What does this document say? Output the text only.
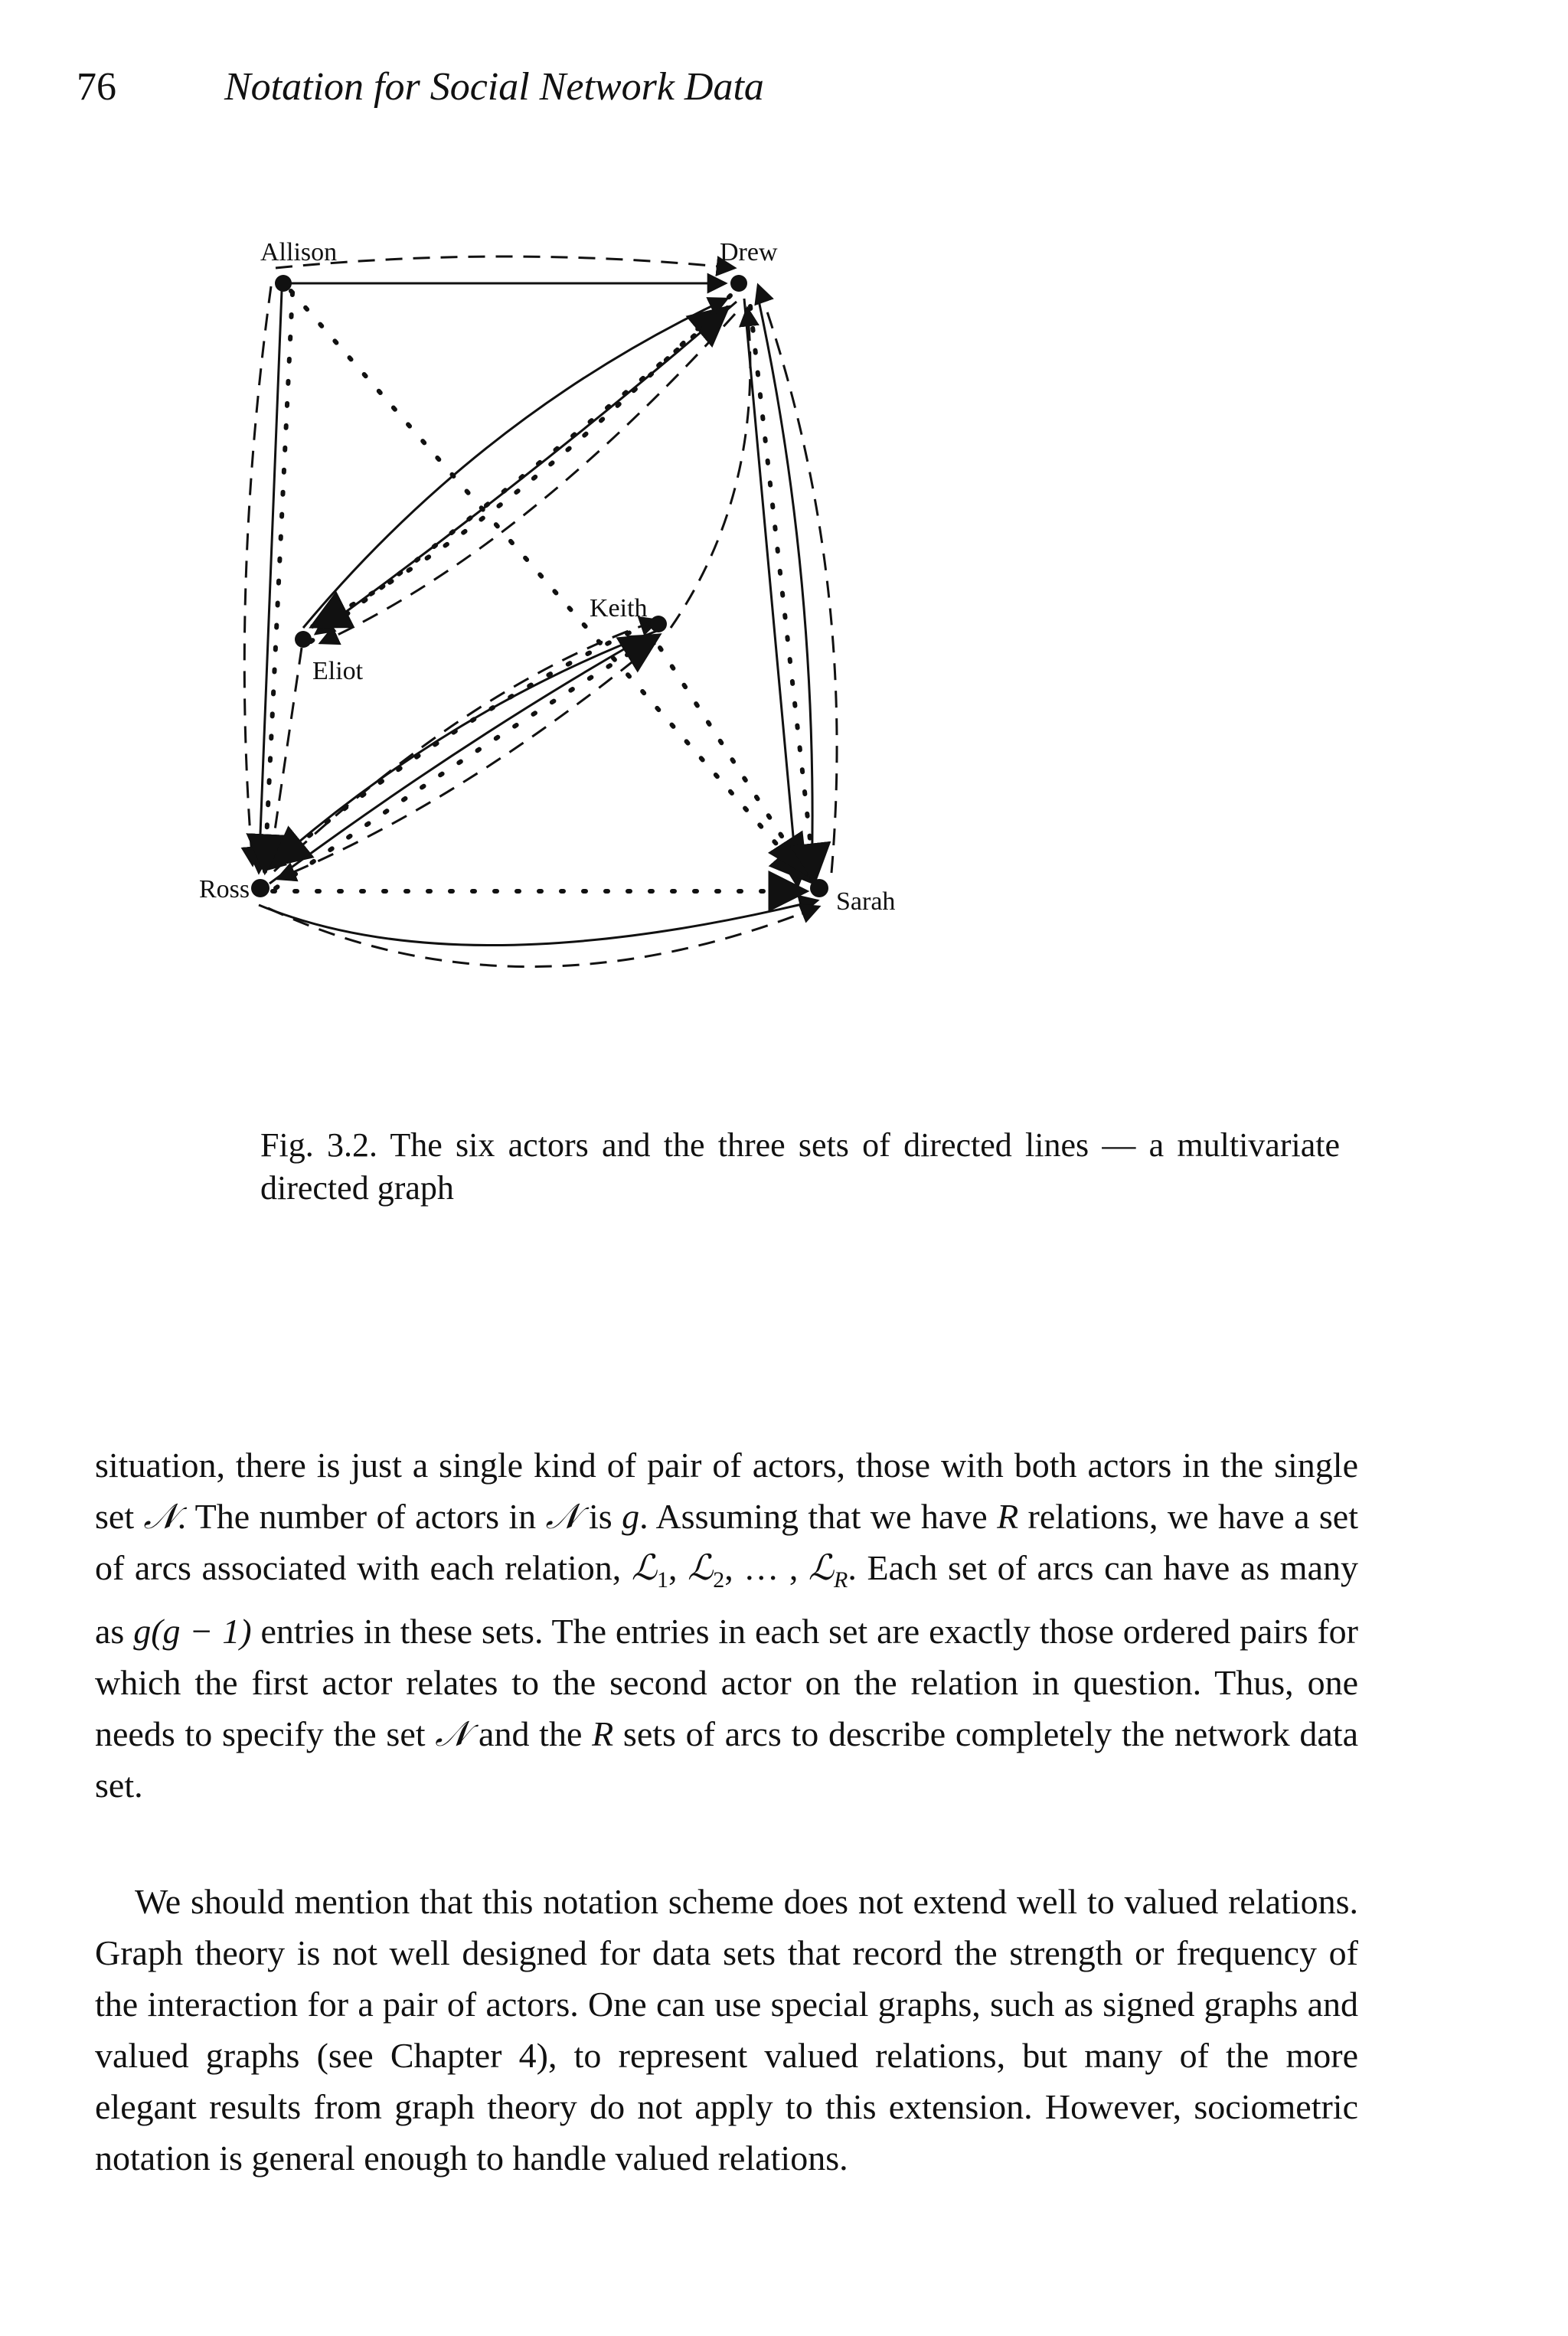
76	Notation for Social Network Data
Allison	Drew
Eliot
Keith
Ross	Sarah
Fig. 3.2. The six actors and the three sets of directed lines — a multivariate directed graph
situation, there is just a single kind of pair of actors, those with both actors in the single set 𝒩. The number of actors in 𝒩 is g. Assuming that we have R relations, we have a set of arcs associated with each relation, ℒ$_1$, ℒ$_2$, … , ℒ$_R$. Each set of arcs can have as many as g(g − 1) entries in these sets. The entries in each set are exactly those ordered pairs for which the first actor relates to the second actor on the relation in question. Thus, one needs to specify the set 𝒩 and the R sets of arcs to describe completely the network data set.
We should mention that this notation scheme does not extend well to valued relations. Graph theory is not well designed for data sets that record the strength or frequency of the interaction for a pair of actors. One can use special graphs, such as signed graphs and valued graphs (see Chapter 4), to represent valued relations, but many of the more elegant results from graph theory do not apply to this extension. However, sociometric notation is general enough to handle valued relations.
